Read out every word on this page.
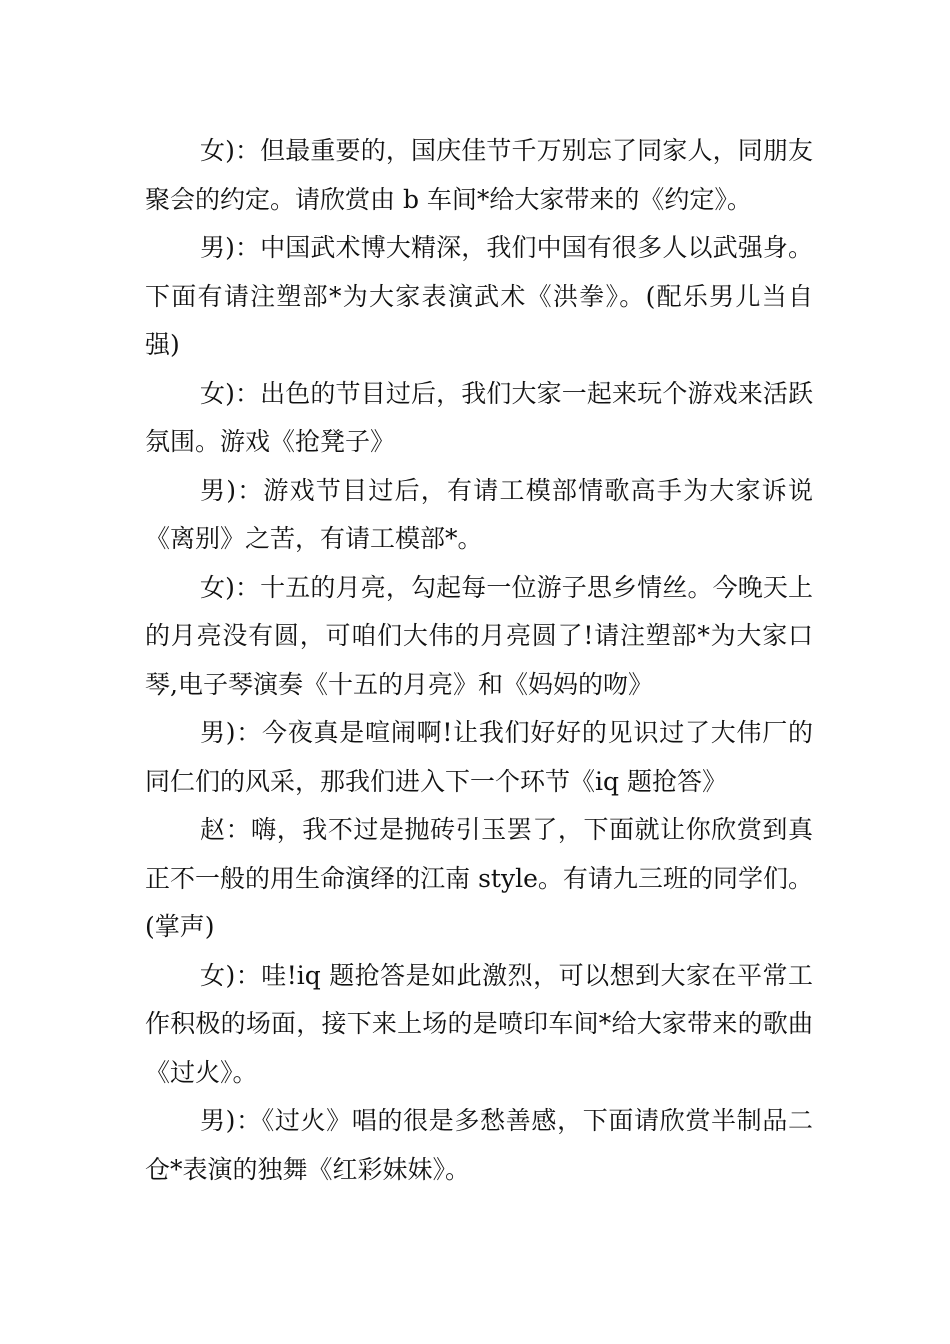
女)：但最重要的，国庆佳节千万别忘了同家人，同朋友聚会的约定。请欣赏由 b 车间*给大家带来的《约定》。

男)：中国武术博大精深，我们中国有很多人以武强身。下面有请注塑部*为大家表演武术《洪拳》。(配乐男儿当自强)

女)：出色的节目过后，我们大家一起来玩个游戏来活跃氛围。游戏《抢凳子》

男)：游戏节目过后，有请工模部情歌高手为大家诉说《离别》之苦，有请工模部*。

女)：十五的月亮，勾起每一位游子思乡情丝。今晚天上的月亮没有圆，可咱们大伟的月亮圆了!请注塑部*为大家口琴,电子琴演奏《十五的月亮》和《妈妈的吻》

男)：今夜真是喧闹啊!让我们好好的见识过了大伟厂的同仁们的风采，那我们进入下一个环节《iq 题抢答》

赵：嗨，我不过是抛砖引玉罢了，下面就让你欣赏到真正不一般的用生命演绎的江南 style。有请九三班的同学们。(掌声)

女)：哇!iq 题抢答是如此激烈，可以想到大家在平常工作积极的场面，接下来上场的是喷印车间*给大家带来的歌曲《过火》。

男)：《过火》唱的很是多愁善感，下面请欣赏半制品二仓*表演的独舞《红彩妹妹》。
